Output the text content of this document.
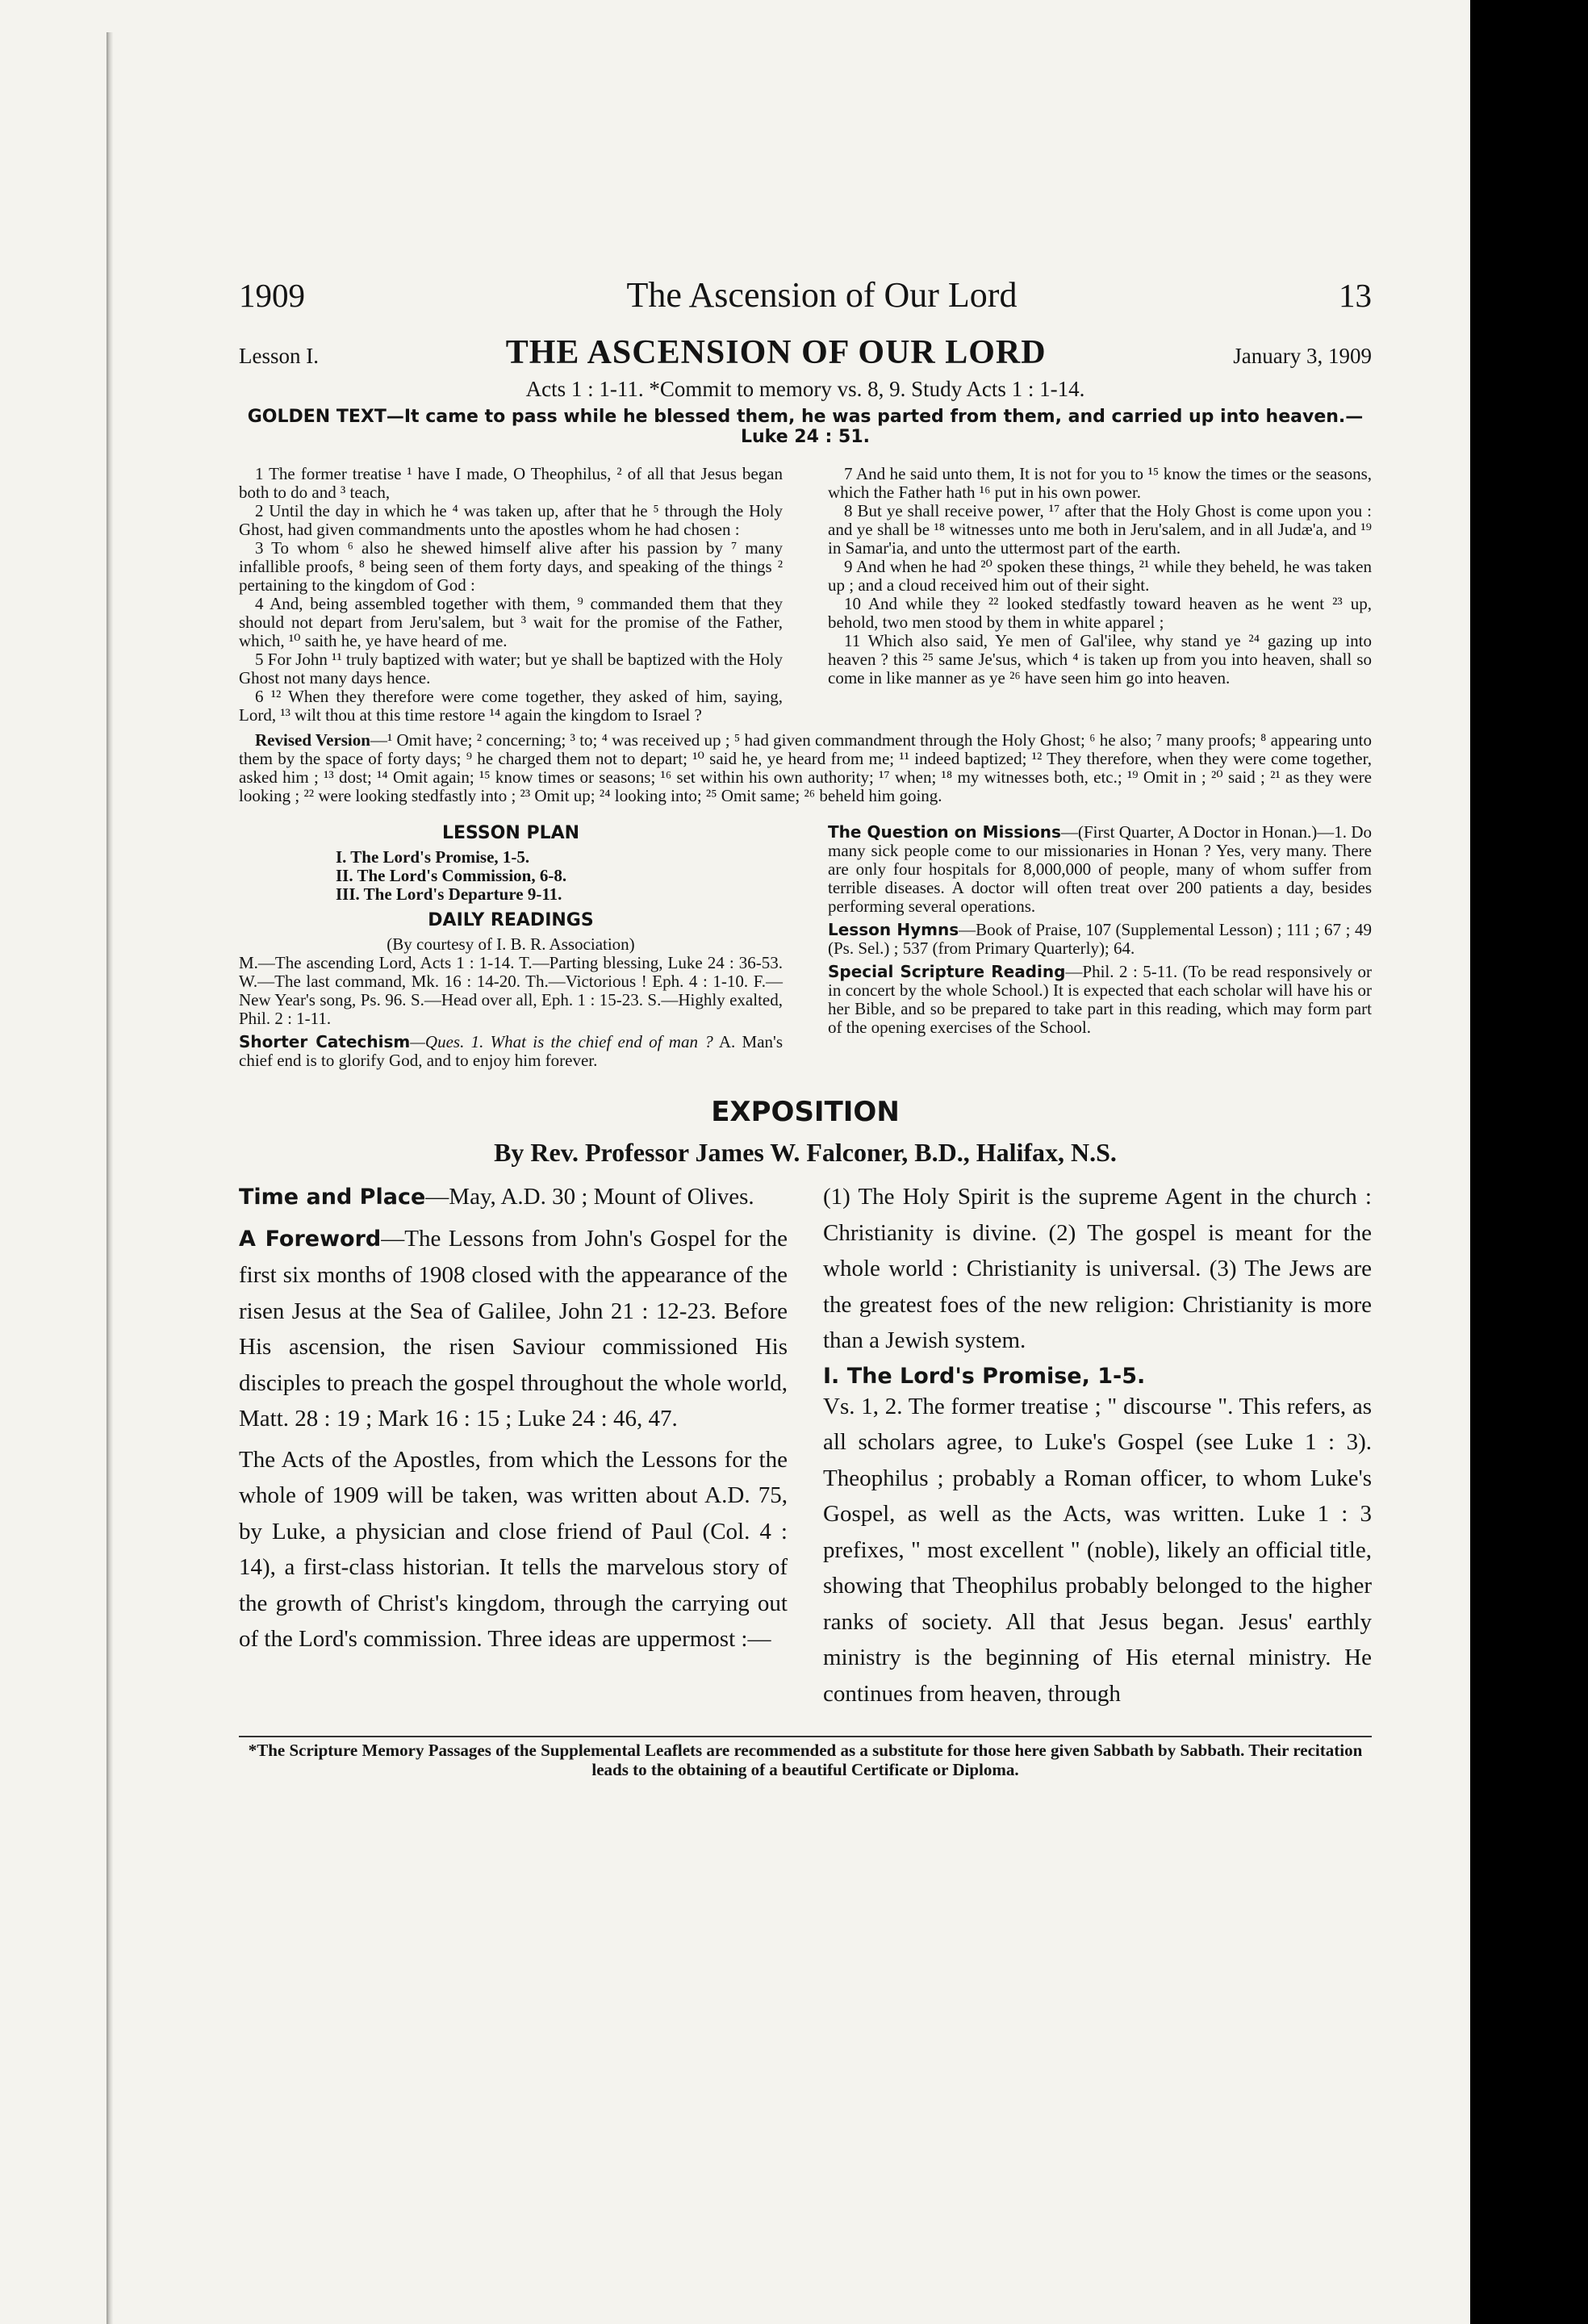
1909	The Ascension of Our Lord	13
Lesson I.	THE ASCENSION OF OUR LORD	January 3, 1909
Acts 1 : 1-11. *Commit to memory vs. 8, 9. Study Acts 1 : 1-14.
GOLDEN TEXT—It came to pass while he blessed them, he was parted from them, and carried up into heaven.—Luke 24 : 51.

1 The former treatise ¹ have I made, O Theophilus, ² of all that Jesus began both to do and ³ teach,

2 Until the day in which he ⁴ was taken up, after that he ⁵ through the Holy Ghost, had given commandments unto the apostles whom he had chosen :

3 To whom ⁶ also he shewed himself alive after his passion by ⁷ many infallible proofs, ⁸ being seen of them forty days, and speaking of the things ² pertaining to the kingdom of God :

4 And, being assembled together with them, ⁹ commanded them that they should not depart from Jeru'salem, but ³ wait for the promise of the Father, which, ¹⁰ saith he, ye have heard of me.

5 For John ¹¹ truly baptized with water; but ye shall be baptized with the Holy Ghost not many days hence.

6 ¹² When they therefore were come together, they asked of him, saying, Lord, ¹³ wilt thou at this time restore ¹⁴ again the kingdom to Israel ?

7 And he said unto them, It is not for you to ¹⁵ know the times or the seasons, which the Father hath ¹⁶ put in his own power.

8 But ye shall receive power, ¹⁷ after that the Holy Ghost is come upon you : and ye shall be ¹⁸ witnesses unto me both in Jeru'salem, and in all Judæ'a, and ¹⁹ in Samar'ia, and unto the uttermost part of the earth.

9 And when he had ²⁰ spoken these things, ²¹ while they beheld, he was taken up ; and a cloud received him out of their sight.

10 And while they ²² looked stedfastly toward heaven as he went ²³ up, behold, two men stood by them in white apparel ;

11 Which also said, Ye men of Gal'ilee, why stand ye ²⁴ gazing up into heaven ? this ²⁵ same Je'sus, which ⁴ is taken up from you into heaven, shall so come in like manner as ye ²⁶ have seen him go into heaven.

Revised Version—¹ Omit have; ² concerning; ³ to; ⁴ was received up ; ⁵ had given commandment through the Holy Ghost; ⁶ he also; ⁷ many proofs; ⁸ appearing unto them by the space of forty days; ⁹ he charged them not to depart; ¹⁰ said he, ye heard from me; ¹¹ indeed baptized; ¹² They therefore, when they were come together, asked him ; ¹³ dost; ¹⁴ Omit again; ¹⁵ know times or seasons; ¹⁶ set within his own authority; ¹⁷ when; ¹⁸ my witnesses both, etc.; ¹⁹ Omit in ; ²⁰ said ; ²¹ as they were looking ; ²² were looking stedfastly into ; ²³ Omit up; ²⁴ looking into; ²⁵ Omit same; ²⁶ beheld him going.

LESSON PLAN
I. The Lord's Promise, 1-5.
II. The Lord's Commission, 6-8.
III. The Lord's Departure 9-11.
DAILY READINGS
(By courtesy of I. B. R. Association)

M.—The ascending Lord, Acts 1 : 1-14. T.—Parting blessing, Luke 24 : 36-53. W.—The last command, Mk. 16 : 14-20. Th.—Victorious ! Eph. 4 : 1-10. F.—New Year's song, Ps. 96. S.—Head over all, Eph. 1 : 15-23. S.—Highly exalted, Phil. 2 : 1-11.

Shorter Catechism—Ques. 1. What is the chief end of man ? A. Man's chief end is to glorify God, and to enjoy him forever.

The Question on Missions—(First Quarter, A Doctor in Honan.)—1. Do many sick people come to our missionaries in Honan ? Yes, very many. There are only four hospitals for 8,000,000 of people, many of whom suffer from terrible diseases. A doctor will often treat over 200 patients a day, besides performing several operations.

Lesson Hymns—Book of Praise, 107 (Supplemental Lesson) ; 111 ; 67 ; 49 (Ps. Sel.) ; 537 (from Primary Quarterly); 64.

Special Scripture Reading—Phil. 2 : 5-11. (To be read responsively or in concert by the whole School.) It is expected that each scholar will have his or her Bible, and so be prepared to take part in this reading, which may form part of the opening exercises of the School.

EXPOSITION
By Rev. Professor James W. Falconer, B.D., Halifax, N.S.

Time and Place—May, A.D. 30 ; Mount of Olives.

A Foreword—The Lessons from John's Gospel for the first six months of 1908 closed with the appearance of the risen Jesus at the Sea of Galilee, John 21 : 12-23. Before His ascension, the risen Saviour commissioned His disciples to preach the gospel throughout the whole world, Matt. 28 : 19 ; Mark 16 : 15 ; Luke 24 : 46, 47.

The Acts of the Apostles, from which the Lessons for the whole of 1909 will be taken, was written about A.D. 75, by Luke, a physician and close friend of Paul (Col. 4 : 14), a first-class historian. It tells the marvelous story of the growth of Christ's kingdom, through the carrying out of the Lord's commission. Three ideas are uppermost :—

(1) The Holy Spirit is the supreme Agent in the church : Christianity is divine. (2) The gospel is meant for the whole world : Christianity is universal. (3) The Jews are the greatest foes of the new religion: Christianity is more than a Jewish system.

I. The Lord's Promise, 1-5.

Vs. 1, 2. The former treatise ; " discourse ". This refers, as all scholars agree, to Luke's Gospel (see Luke 1 : 3). Theophilus ; probably a Roman officer, to whom Luke's Gospel, as well as the Acts, was written. Luke 1 : 3 prefixes, " most excellent " (noble), likely an official title, showing that Theophilus probably belonged to the higher ranks of society. All that Jesus began. Jesus' earthly ministry is the beginning of His eternal ministry. He continues from heaven, through

*The Scripture Memory Passages of the Supplemental Leaflets are recommended as a substitute for those here given Sabbath by Sabbath. Their recitation leads to the obtaining of a beautiful Certificate or Diploma.
